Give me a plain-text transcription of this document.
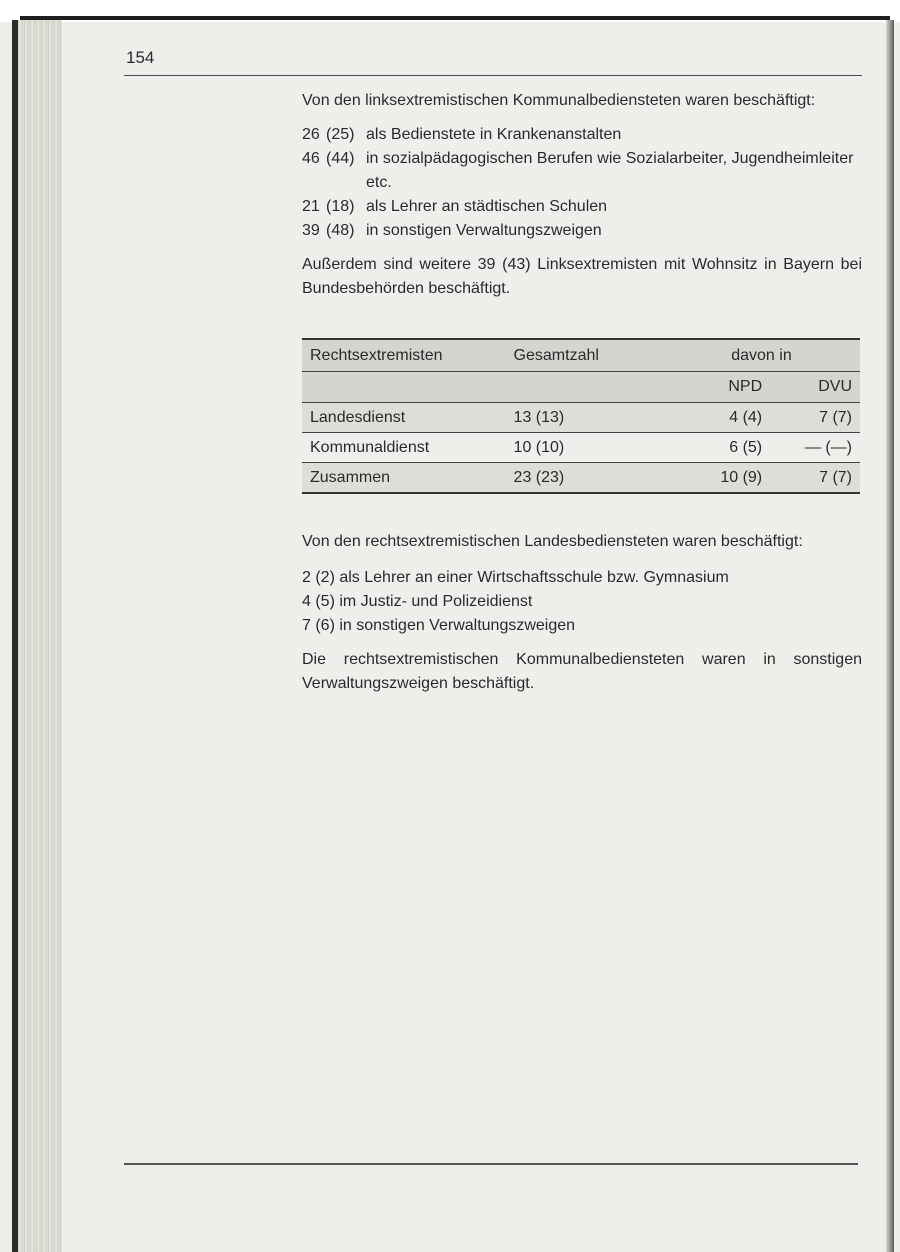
154

Von den linksextremistischen Kommunalbediensteten waren beschäftigt:

26 (25) als Bedienstete in Krankenanstalten
46 (44) in sozialpädagogischen Berufen wie Sozialarbeiter, Jugendheimleiter etc.
21 (18) als Lehrer an städtischen Schulen
39 (48) in sonstigen Verwaltungszweigen

Außerdem sind weitere 39 (43) Linksextremisten mit Wohnsitz in Bayern bei Bundesbehörden beschäftigt.

Rechtsextremisten	Gesamtzahl	davon in	
		NPD	DVU
Landesdienst	13 (13)	4 (4)	7 (7)
Kommunaldienst	10 (10)	6 (5)	— (—)
Zusammen	23 (23)	10 (9)	7 (7)

Von den rechtsextremistischen Landesbediensteten waren beschäftigt:

2 (2) als Lehrer an einer Wirtschaftsschule bzw. Gymnasium
4 (5) im Justiz- und Polizeidienst
7 (6) in sonstigen Verwaltungszweigen

Die rechtsextremistischen Kommunalbediensteten waren in sonstigen Verwaltungszweigen beschäftigt.
